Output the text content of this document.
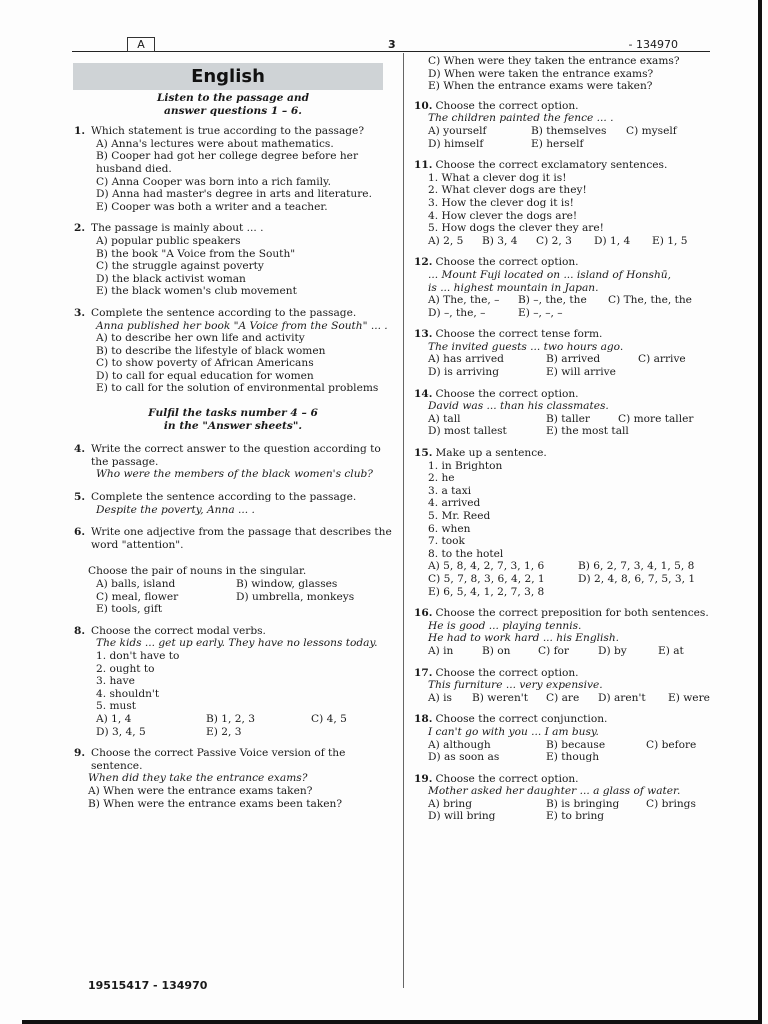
A	3	- 134970
English
Listen to the passage and
answer questions 1 – 6.
1. Which statement is true according to the passage?
A) Anna's lectures were about mathematics.
B) Cooper had got her college degree before her husband died.
C) Anna Cooper was born into a rich family.
D) Anna had master's degree in arts and literature.
E) Cooper was both a writer and a teacher.
2. The passage is mainly about ... .
A) popular public speakers
B) the book "A Voice from the South"
C) the struggle against poverty
D) the black activist woman
E) the black women's club movement
3. Complete the sentence according to the passage.
Anna published her book "A Voice from the South" ... .
A) to describe her own life and activity
B) to describe the lifestyle of black women
C) to show poverty of African Americans
D) to call for equal education for women
E) to call for the solution of environmental problems
Fulfil the tasks number 4 – 6
in the "Answer sheets".
4. Write the correct answer to the question according to the passage.
Who were the members of the black women's club?
5. Complete the sentence according to the passage.
Despite the poverty, Anna ... .
6. Write one adjective from the passage that describes the word "attention".
Choose the pair of nouns in the singular.
A) balls, island	B) window, glasses
C) meal, flower	D) umbrella, monkeys
E) tools, gift
8. Choose the correct modal verbs.
The kids ... get up early. They have no lessons today.
1. don't have to
2. ought to
3. have
4. shouldn't
5. must
A) 1, 4	B) 1, 2, 3	C) 4, 5
D) 3, 4, 5	E) 2, 3
9. Choose the correct Passive Voice version of the sentence.
When did they take the entrance exams?
A) When were the entrance exams taken?
B) When were the entrance exams been taken?
C) When were they taken the entrance exams?
D) When were taken the entrance exams?
E) When the entrance exams were taken?
10. Choose the correct option.
The children painted the fence ... .
A) yourself	B) themselves	C) myself
D) himself	E) herself
11. Choose the correct exclamatory sentences.
1. What a clever dog it is!
2. What clever dogs are they!
3. How the clever dog it is!
4. How clever the dogs are!
5. How dogs the clever they are!
A) 2, 5	B) 3, 4	C) 2, 3	D) 1, 4	E) 1, 5
12. Choose the correct option.
... Mount Fuji located on ... island of Honshū,
is ... highest mountain in Japan.
A) The, the, –	B) –, the, the	C) The, the, the
D) –, the, –	E) –, –, –
13. Choose the correct tense form.
The invited guests ... two hours ago.
A) has arrived	B) arrived	C) arrive
D) is arriving	E) will arrive
14. Choose the correct option.
David was ... than his classmates.
A) tall	B) taller	C) more taller
D) most tallest	E) the most tall
15. Make up a sentence.
1. in Brighton
2. he
3. a taxi
4. arrived
5. Mr. Reed
6. when
7. took
8. to the hotel
A) 5, 8, 4, 2, 7, 3, 1, 6	B) 6, 2, 7, 3, 4, 1, 5, 8
C) 5, 7, 8, 3, 6, 4, 2, 1	D) 2, 4, 8, 6, 7, 5, 3, 1
E) 6, 5, 4, 1, 2, 7, 3, 8
16. Choose the correct preposition for both sentences.
He is good ... playing tennis.
He had to work hard ... his English.
A) in	B) on	C) for	D) by	E) at
17. Choose the correct option.
This furniture ... very expensive.
A) is	B) weren't	C) are	D) aren't	E) were
18. Choose the correct conjunction.
I can't go with you ... I am busy.
A) although	B) because	C) before
D) as soon as	E) though
19. Choose the correct option.
Mother asked her daughter ... a glass of water.
A) bring	B) is bringing	C) brings
D) will bring	E) to bring
19515417 - 134970
